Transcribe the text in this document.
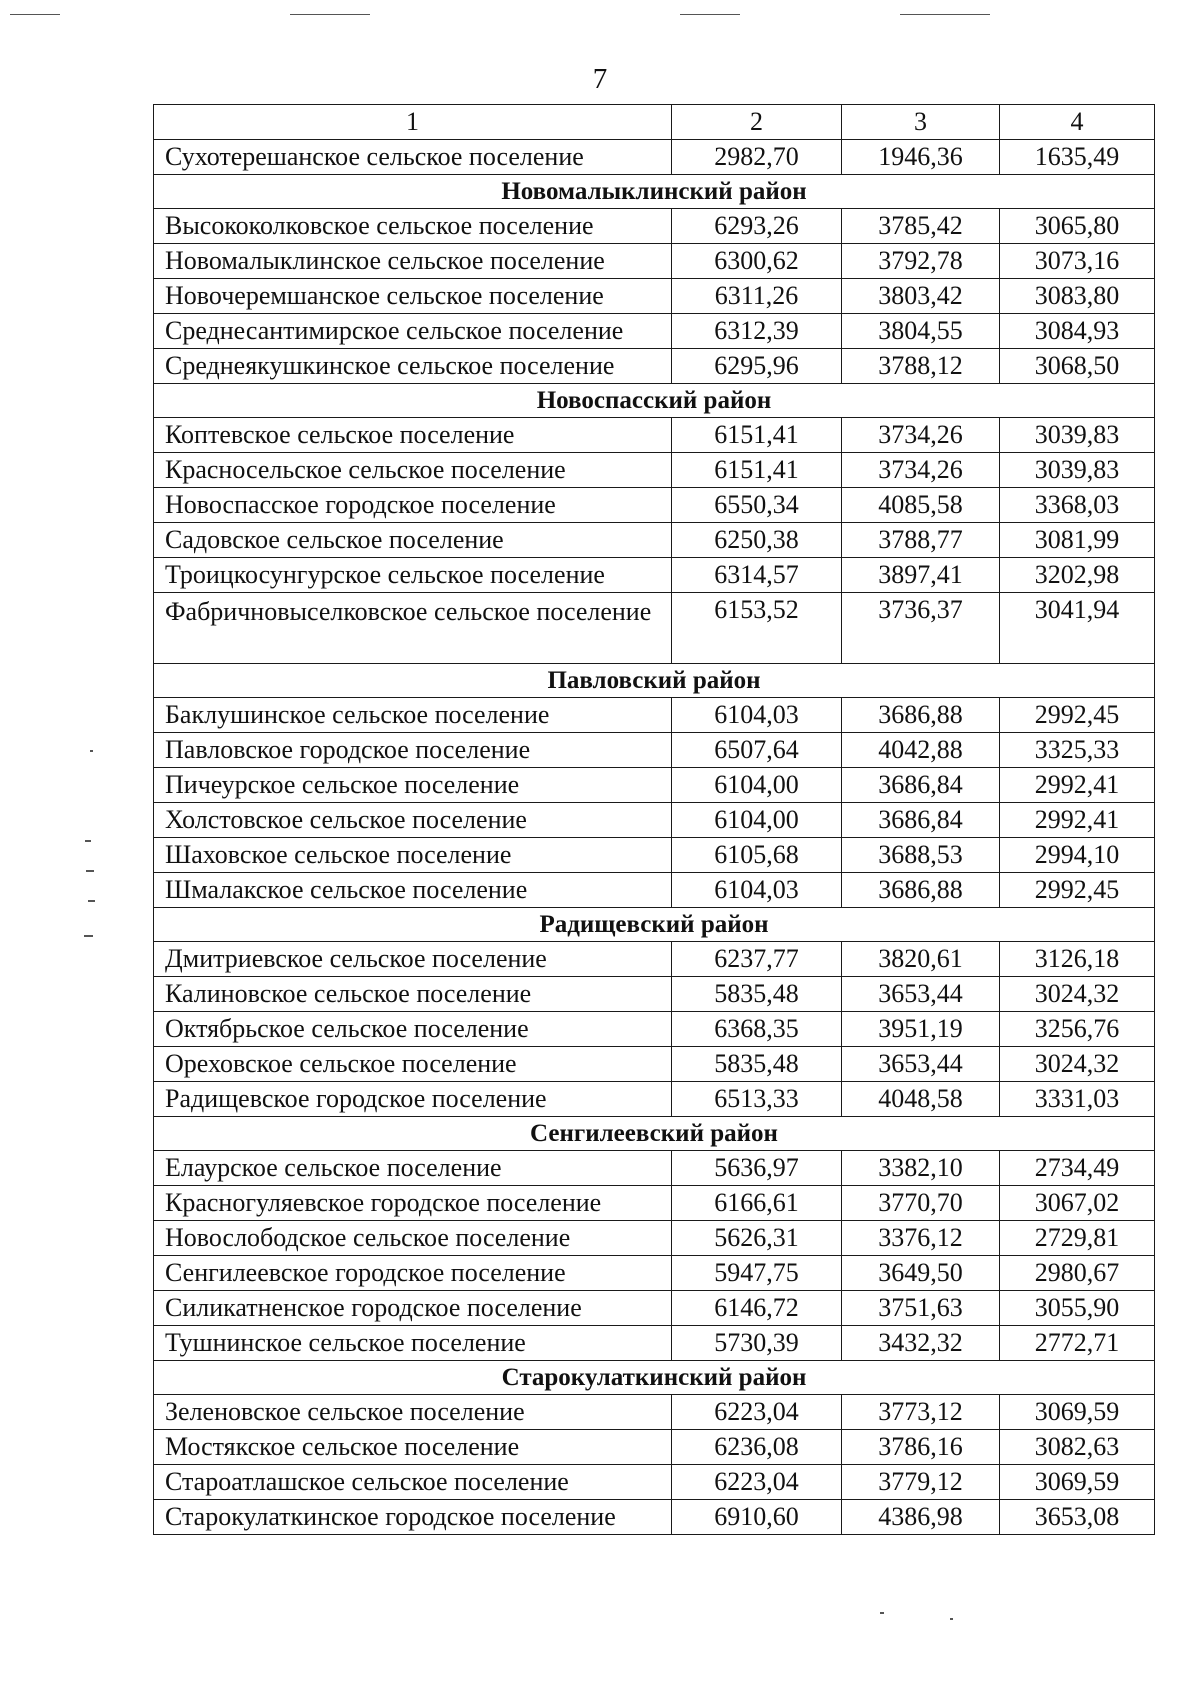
7
1	2	3	4
Сухотерешанское сельское поселение	2982,70	1946,36	1635,49
Новомалыклинский район			
Высококолковское сельское поселение	6293,26	3785,42	3065,80
Новомалыклинское сельское поселение	6300,62	3792,78	3073,16
Новочеремшанское сельское поселение	6311,26	3803,42	3083,80
Среднесантимирское сельское поселение	6312,39	3804,55	3084,93
Среднеякушкинское сельское поселение	6295,96	3788,12	3068,50
Новоспасский район			
Коптевское сельское поселение	6151,41	3734,26	3039,83
Красносельское сельское поселение	6151,41	3734,26	3039,83
Новоспасское городское поселение	6550,34	4085,58	3368,03
Садовское сельское поселение	6250,38	3788,77	3081,99
Троицкосунгурское сельское поселение	6314,57	3897,41	3202,98
Фабричновыселковское сельское поселение	6153,52	3736,37	3041,94
Павловский район			
Баклушинское сельское поселение	6104,03	3686,88	2992,45
Павловское городское поселение	6507,64	4042,88	3325,33
Пичеурское сельское поселение	6104,00	3686,84	2992,41
Холстовское сельское поселение	6104,00	3686,84	2992,41
Шаховское сельское поселение	6105,68	3688,53	2994,10
Шмалакское сельское поселение	6104,03	3686,88	2992,45
Радищевский район			
Дмитриевское сельское поселение	6237,77	3820,61	3126,18
Калиновское сельское поселение	5835,48	3653,44	3024,32
Октябрьское сельское поселение	6368,35	3951,19	3256,76
Ореховское сельское поселение	5835,48	3653,44	3024,32
Радищевское городское поселение	6513,33	4048,58	3331,03
Сенгилеевский район			
Елаурское сельское поселение	5636,97	3382,10	2734,49
Красногуляевское городское поселение	6166,61	3770,70	3067,02
Новослободское сельское поселение	5626,31	3376,12	2729,81
Сенгилеевское городское поселение	5947,75	3649,50	2980,67
Силикатненское городское поселение	6146,72	3751,63	3055,90
Тушнинское сельское поселение	5730,39	3432,32	2772,71
Старокулаткинский район			
Зеленовское сельское поселение	6223,04	3773,12	3069,59
Мостякское сельское поселение	6236,08	3786,16	3082,63
Староатлашское сельское поселение	6223,04	3779,12	3069,59
Старокулаткинское городское поселение	6910,60	4386,98	3653,08
